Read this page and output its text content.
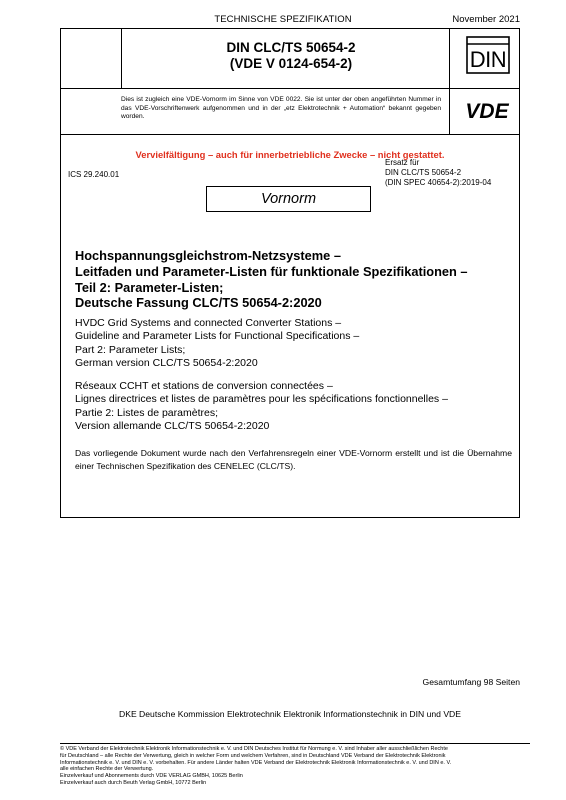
TECHNISCHE SPEZIFIKATION	November 2021
DIN CLC/TS 50654-2
(VDE V 0124-654-2)	DIN
Dies ist zugleich eine VDE-Vornorm im Sinne von VDE 0022. Sie ist unter der oben angeführten Nummer in das VDE-Vorschriftenwerk aufgenommen und in der „etz Elektrotechnik + Automation“ bekannt gegeben worden.	VDE
Vervielfältigung – auch für innerbetriebliche Zwecke – nicht gestattet.
ICS 29.240.01
Ersatz für
DIN CLC/TS 50654-2
(DIN SPEC 40654-2):2019-04
Vornorm
Hochspannungsgleichstrom-Netzsysteme –
Leitfaden und Parameter-Listen für funktionale Spezifikationen –
Teil 2: Parameter-Listen;
Deutsche Fassung CLC/TS 50654-2:2020
HVDC Grid Systems and connected Converter Stations –
Guideline and Parameter Lists for Functional Specifications –
Part 2: Parameter Lists;
German version CLC/TS 50654-2:2020
Réseaux CCHT et stations de conversion connectées –
Lignes directrices et listes de paramètres pour les spécifications fonctionnelles –
Partie 2: Listes de paramètres;
Version allemande CLC/TS 50654-2:2020
Das vorliegende Dokument wurde nach den Verfahrensregeln einer VDE-Vornorm erstellt und ist die Übernahme einer Technischen Spezifikation des CENELEC (CLC/TS).
Gesamtumfang 98 Seiten
DKE Deutsche Kommission Elektrotechnik Elektronik Informationstechnik in DIN und VDE
© VDE Verband der Elektrotechnik Elektronik Informationstechnik e. V. und DIN Deutsches Institut für Normung e. V. sind Inhaber aller ausschließlichen Rechte
für Deutschland – alle Rechte der Verwertung, gleich in welcher Form und welchem Verfahren, sind in Deutschland VDE Verband der Elektrotechnik Elektronik
Informationstechnik e. V. und DIN e. V. vorbehalten. Für andere Länder halten VDE Verband der Elektrotechnik Elektronik Informationstechnik e. V. und DIN e. V.
alle einfachen Rechte der Verwertung.
Einzelverkauf und Abonnements durch VDE VERLAG GMBH, 10625 Berlin
Einzelverkauf auch durch Beuth Verlag GmbH, 10772 Berlin
